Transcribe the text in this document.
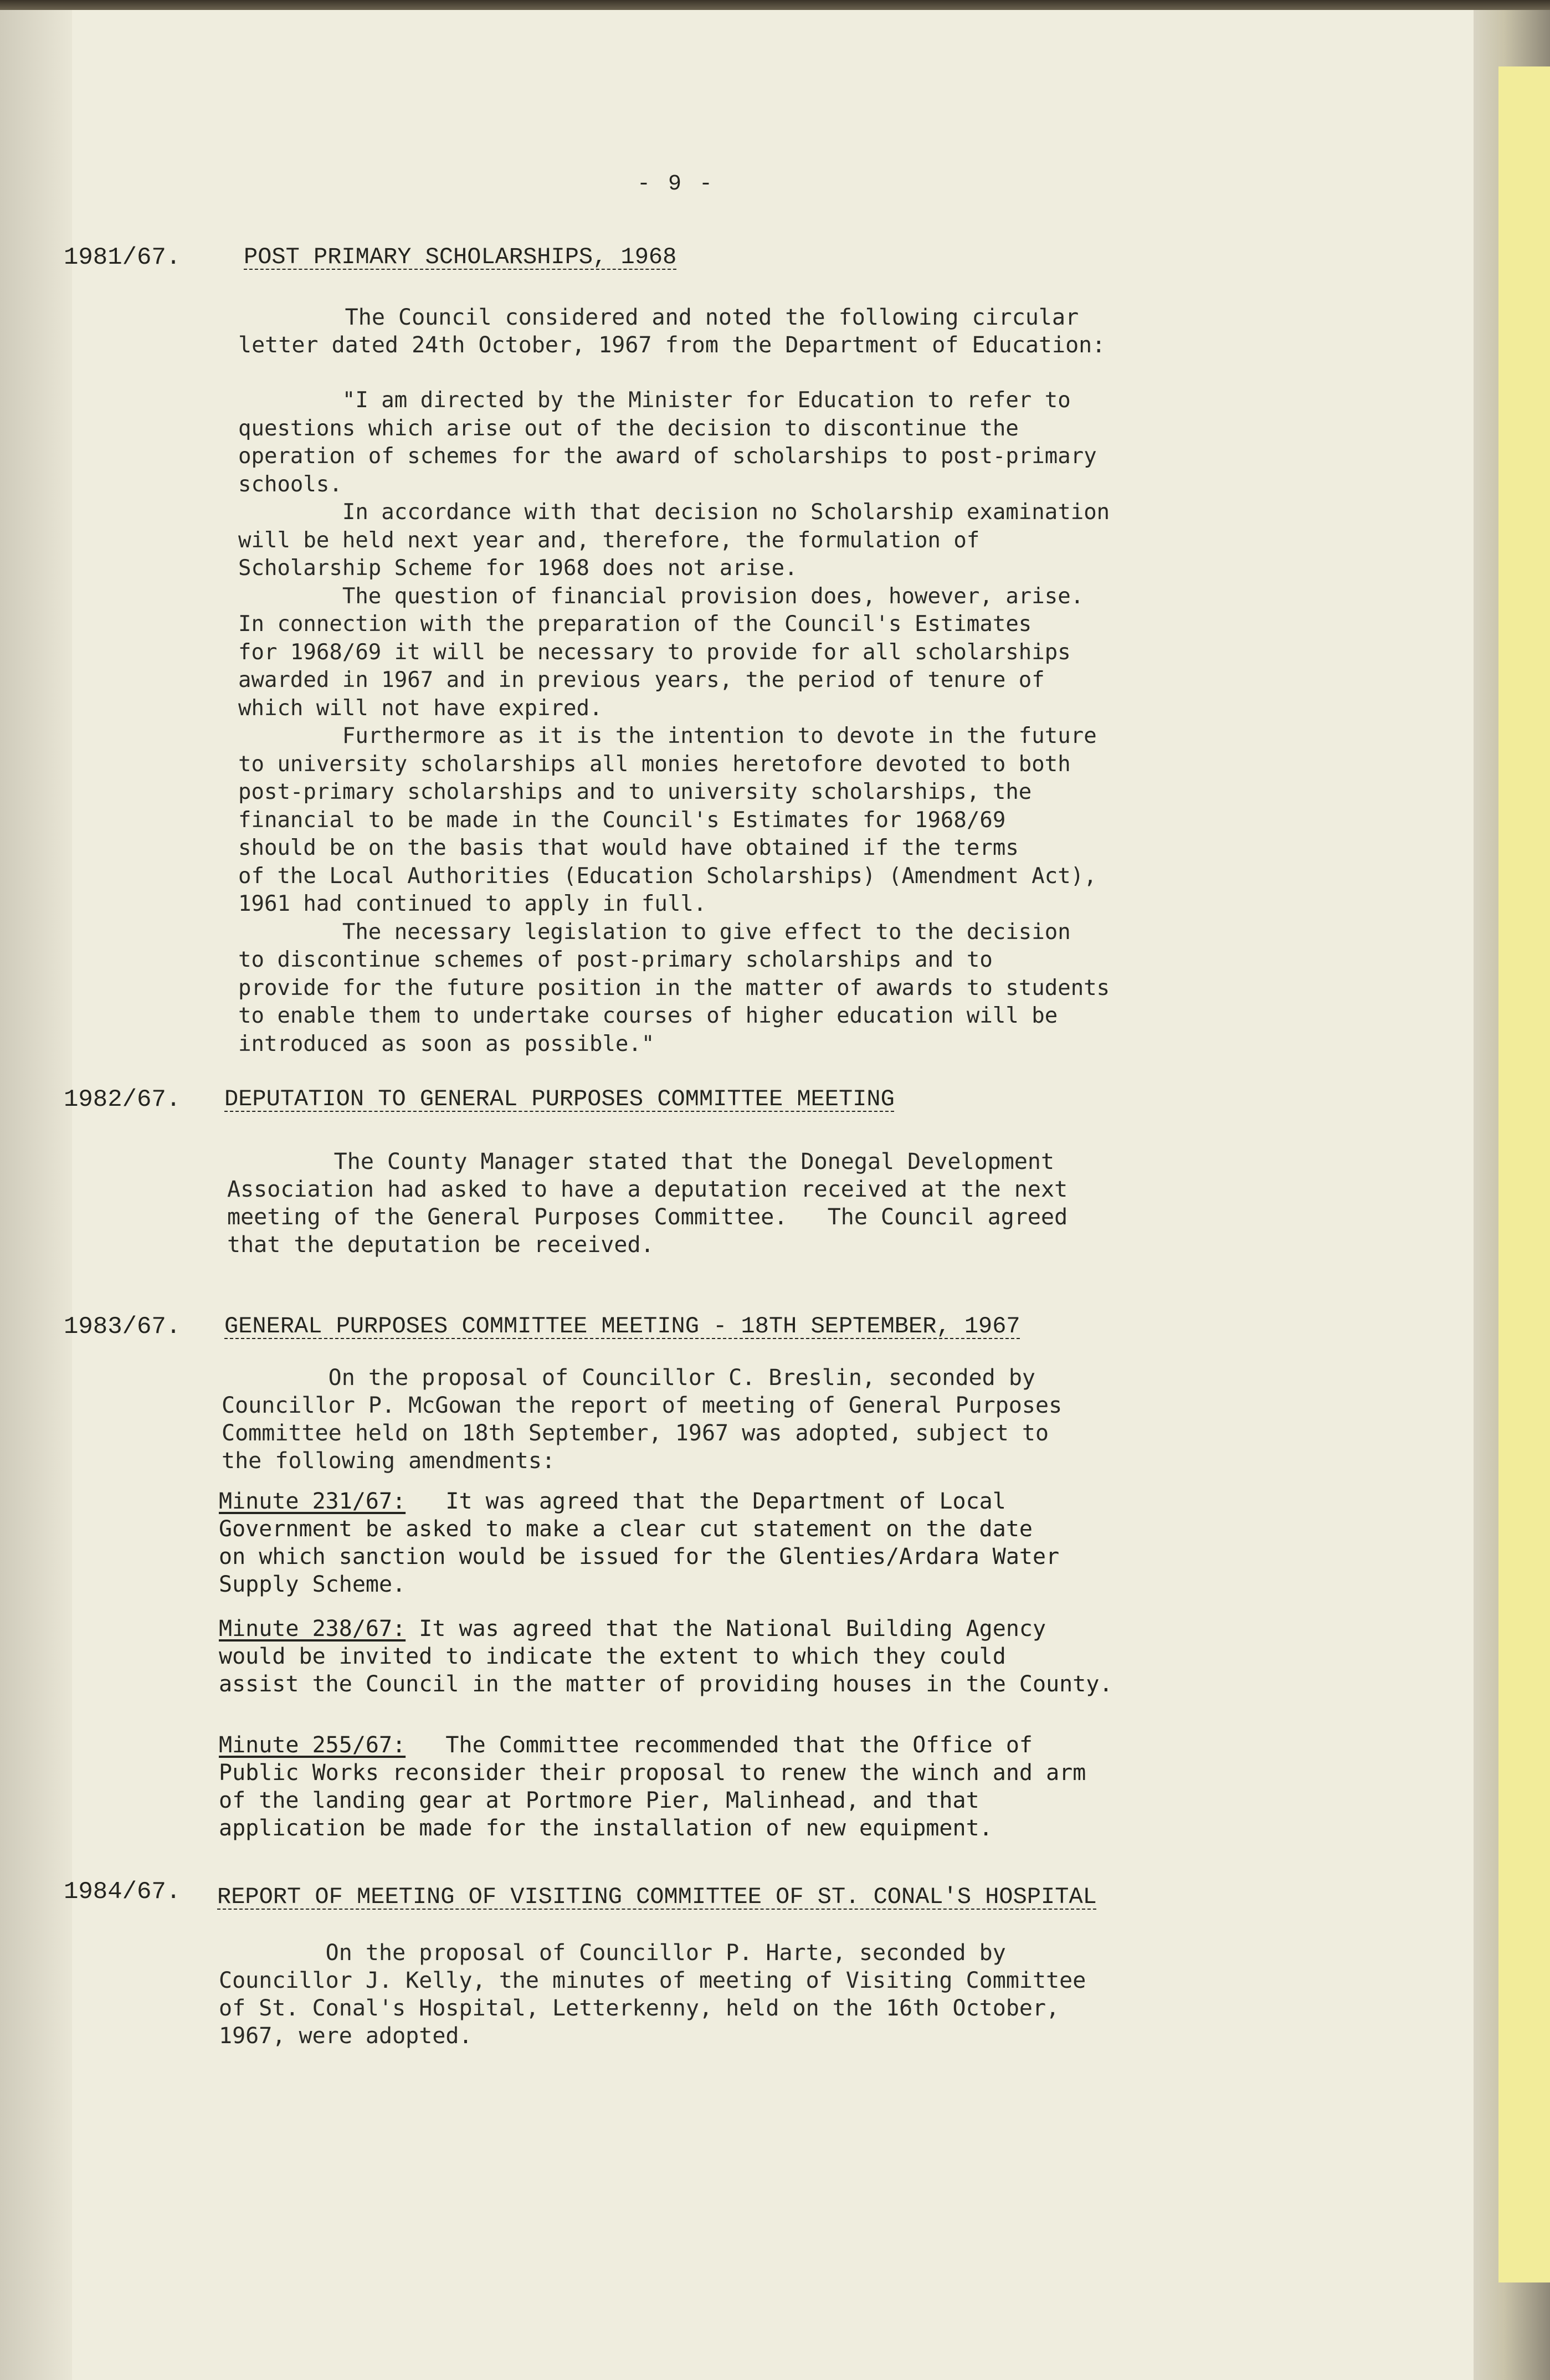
- 9 -
1981/67.	POST PRIMARY SCHOLARSHIPS, 1968
The Council considered and noted the following circular
letter dated 24th October, 1967 from the Department of Education:
"I am directed by the Minister for Education to refer to
questions which arise out of the decision to discontinue the
operation of schemes for the award of scholarships to post-primary
schools.
In accordance with that decision no Scholarship examination
will be held next year and, therefore, the formulation of
Scholarship Scheme for 1968 does not arise.
The question of financial provision does, however, arise.
In connection with the preparation of the Council's Estimates
for 1968/69 it will be necessary to provide for all scholarships
awarded in 1967 and in previous years, the period of tenure of
which will not have expired.
Furthermore as it is the intention to devote in the future
to university scholarships all monies heretofore devoted to both
post-primary scholarships and to university scholarships, the
financial to be made in the Council's Estimates for 1968/69
should be on the basis that would have obtained if the terms
of the Local Authorities (Education Scholarships) (Amendment Act),
1961 had continued to apply in full.
The necessary legislation to give effect to the decision
to discontinue schemes of post-primary scholarships and to
provide for the future position in the matter of awards to students
to enable them to undertake courses of higher education will be
introduced as soon as possible."
1982/67. DEPUTATION TO GENERAL PURPOSES COMMITTEE MEETING
The County Manager stated that the Donegal Development
Association had asked to have a deputation received at the next
meeting of the General Purposes Committee.   The Council agreed
that the deputation be received.
1983/67. GENERAL PURPOSES COMMITTEE MEETING - 18TH SEPTEMBER, 1967
On the proposal of Councillor C. Breslin, seconded by
Councillor P. McGowan the report of meeting of General Purposes
Committee held on 18th September, 1967 was adopted, subject to
the following amendments:
Minute 231/67:   It was agreed that the Department of Local
Government be asked to make a clear cut statement on the date
on which sanction would be issued for the Glenties/Ardara Water
Supply Scheme.
Minute 238/67: It was agreed that the National Building Agency
would be invited to indicate the extent to which they could
assist the Council in the matter of providing houses in the County.
Minute 255/67:   The Committee recommended that the Office of
Public Works reconsider their proposal to renew the winch and arm
of the landing gear at Portmore Pier, Malinhead, and that
application be made for the installation of new equipment.
1984/67. REPORT OF MEETING OF VISITING COMMITTEE OF ST. CONAL'S HOSPITAL
On the proposal of Councillor P. Harte, seconded by
Councillor J. Kelly, the minutes of meeting of Visiting Committee
of St. Conal's Hospital, Letterkenny, held on the 16th October,
1967, were adopted.
